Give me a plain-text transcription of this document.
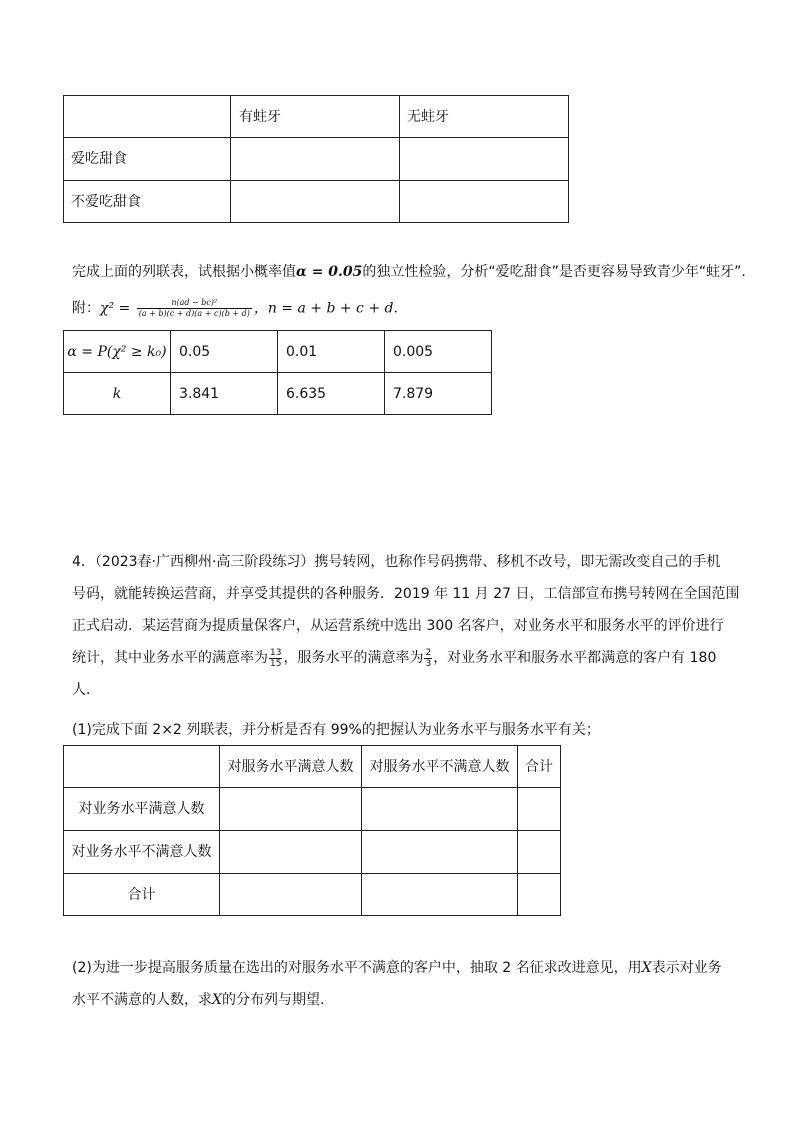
	有蛀牙	无蛀牙
爱吃甜食		
不爱吃甜食		
完成上面的列联表，试根据小概率值α = 0.05的独立性检验，分析“爱吃甜食”是否更容易导致青少年“蛀牙”.
附：$\chi^2 = \frac{\text{n(ad − bc)²}}{(a + b)(c + d)(a + c)(b + d)}$ ，n = a + b + c + d.
α = P(χ² ≥ k₀)	0.05	0.01	0.005
k	3.841	6.635	7.879
4．（2023春·广西柳州·高三阶段练习）携号转网，也称作号码携带、移机不改号，即无需改变自己的手机
号码，就能转换运营商，并享受其提供的各种服务．2019 年 11 月 27 日，工信部宣布携号转网在全国范围
正式启动．某运营商为提质量保客户，从运营系统中选出 300 名客户，对业务水平和服务水平的评价进行
统计，其中业务水平的满意率为 $\frac{13}{15}$ ，服务水平的满意率为 $\frac{2}{3}$ ，对业务水平和服务水平都满意的客户有 180
人．
(1)完成下面 2×2 列联表，并分析是否有 99%的把握认为业务水平与服务水平有关；
	对服务水平满意人数	对服务水平不满意人数	合计
对业务水平满意人数			
对业务水平不满意人数			
合计			
(2)为进一步提高服务质量在选出的对服务水平不满意的客户中，抽取 2 名征求改进意见，用X表示对业务
水平不满意的人数，求X的分布列与期望.
